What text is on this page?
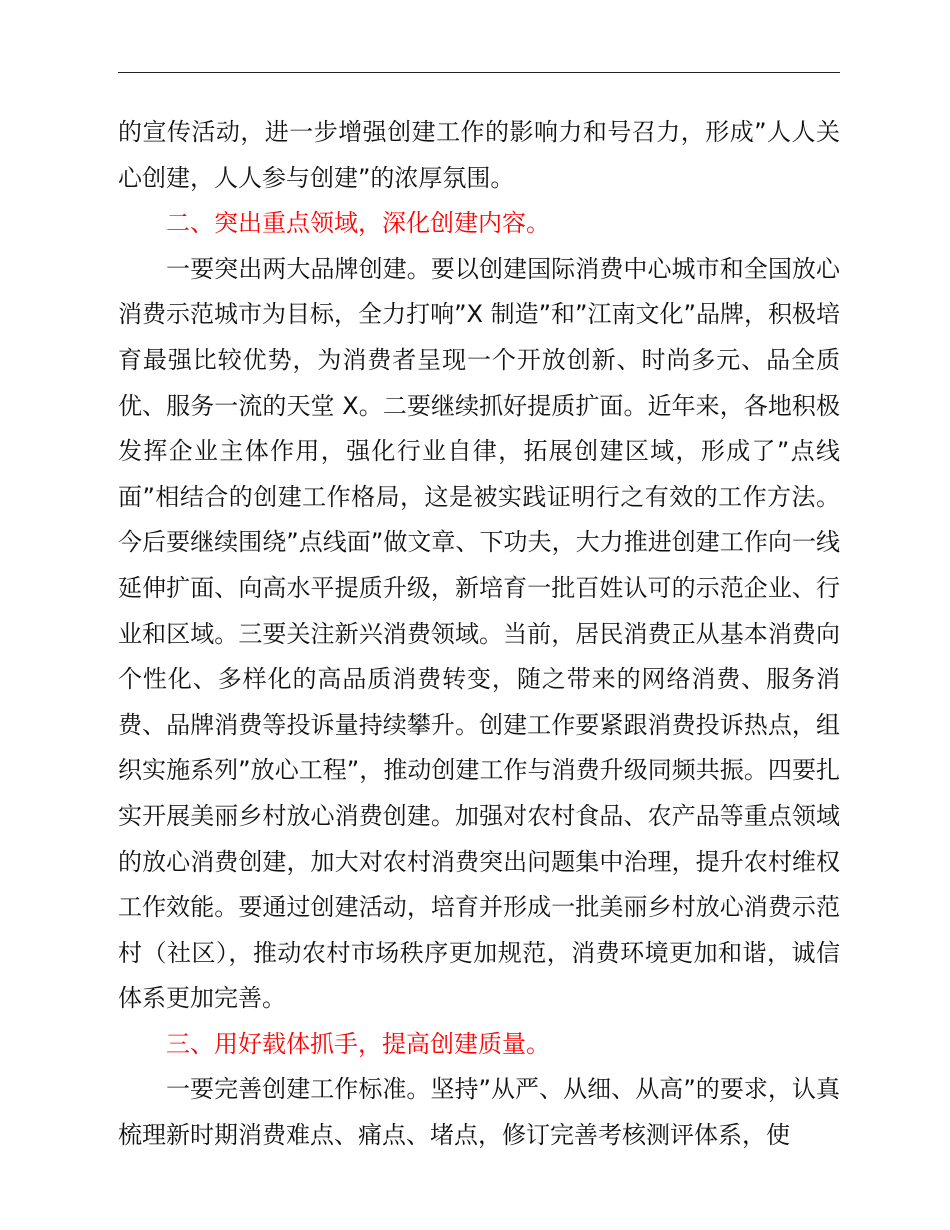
的宣传活动，进一步增强创建工作的影响力和号召力，形成”人人关心创建，人人参与创建”的浓厚氛围。

二、突出重点领域，深化创建内容。

一要突出两大品牌创建。要以创建国际消费中心城市和全国放心消费示范城市为目标，全力打响”X 制造”和”江南文化”品牌，积极培育最强比较优势，为消费者呈现一个开放创新、时尚多元、品全质优、服务一流的天堂 X。二要继续抓好提质扩面。近年来，各地积极发挥企业主体作用，强化行业自律，拓展创建区域，形成了”点线面”相结合的创建工作格局，这是被实践证明行之有效的工作方法。今后要继续围绕”点线面”做文章、下功夫，大力推进创建工作向一线延伸扩面、向高水平提质升级，新培育一批百姓认可的示范企业、行业和区域。三要关注新兴消费领域。当前，居民消费正从基本消费向个性化、多样化的高品质消费转变，随之带来的网络消费、服务消费、品牌消费等投诉量持续攀升。创建工作要紧跟消费投诉热点，组织实施系列”放心工程”，推动创建工作与消费升级同频共振。四要扎实开展美丽乡村放心消费创建。加强对农村食品、农产品等重点领域的放心消费创建，加大对农村消费突出问题集中治理，提升农村维权工作效能。要通过创建活动，培育并形成一批美丽乡村放心消费示范村（社区），推动农村市场秩序更加规范，消费环境更加和谐，诚信体系更加完善。

三、用好载体抓手，提高创建质量。

一要完善创建工作标准。坚持”从严、从细、从高”的要求，认真梳理新时期消费难点、痛点、堵点，修订完善考核测评体系，使
